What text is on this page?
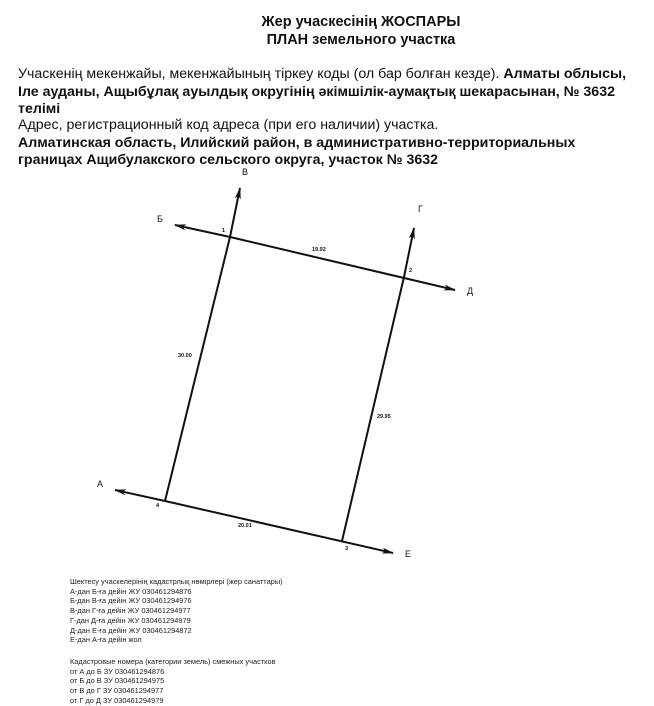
Жер учаскесінің ЖОСПАРЫ
ПЛАН земельного участка
Учаскенің мекенжайы, мекенжайының тіркеу коды (ол бар болған кезде). Алматы облысы, Іле ауданы, Ащыбұлақ ауылдық округінің әкімшілік-аумақтық шекарасынан, № 3632 телімі
Адрес, регистрационный код адреса (при его наличии) участка.
Алматинская область, Илийский район, в административно-территориальных границах Ащибулакского сельского округа, участок № 3632
В
Б
Г
Д
А
Е
1
2
3
4
19.92
29.95
20.01
30.00
Шектесу учаскелерінің кадастрлық нөмірлері (жер санаттары)
А-дан Б-ға дейін ЖУ 030461294876
Б-дан В-ға дейін ЖУ 030461294976
В-дан Г-ға дейін ЖУ 030461294977
Г-дан Д-ға дейін ЖУ 030461294979
Д-дан Е-ға дейін ЖУ 030461294872
Е-дан А-ға дейін жол
Кадастровые номера (категории земель) смежных участков
от А до Б ЗУ 030461294876
от Б до В ЗУ 030461294975
от В до Г ЗУ 030461294977
от Г до Д ЗУ 030461294979
